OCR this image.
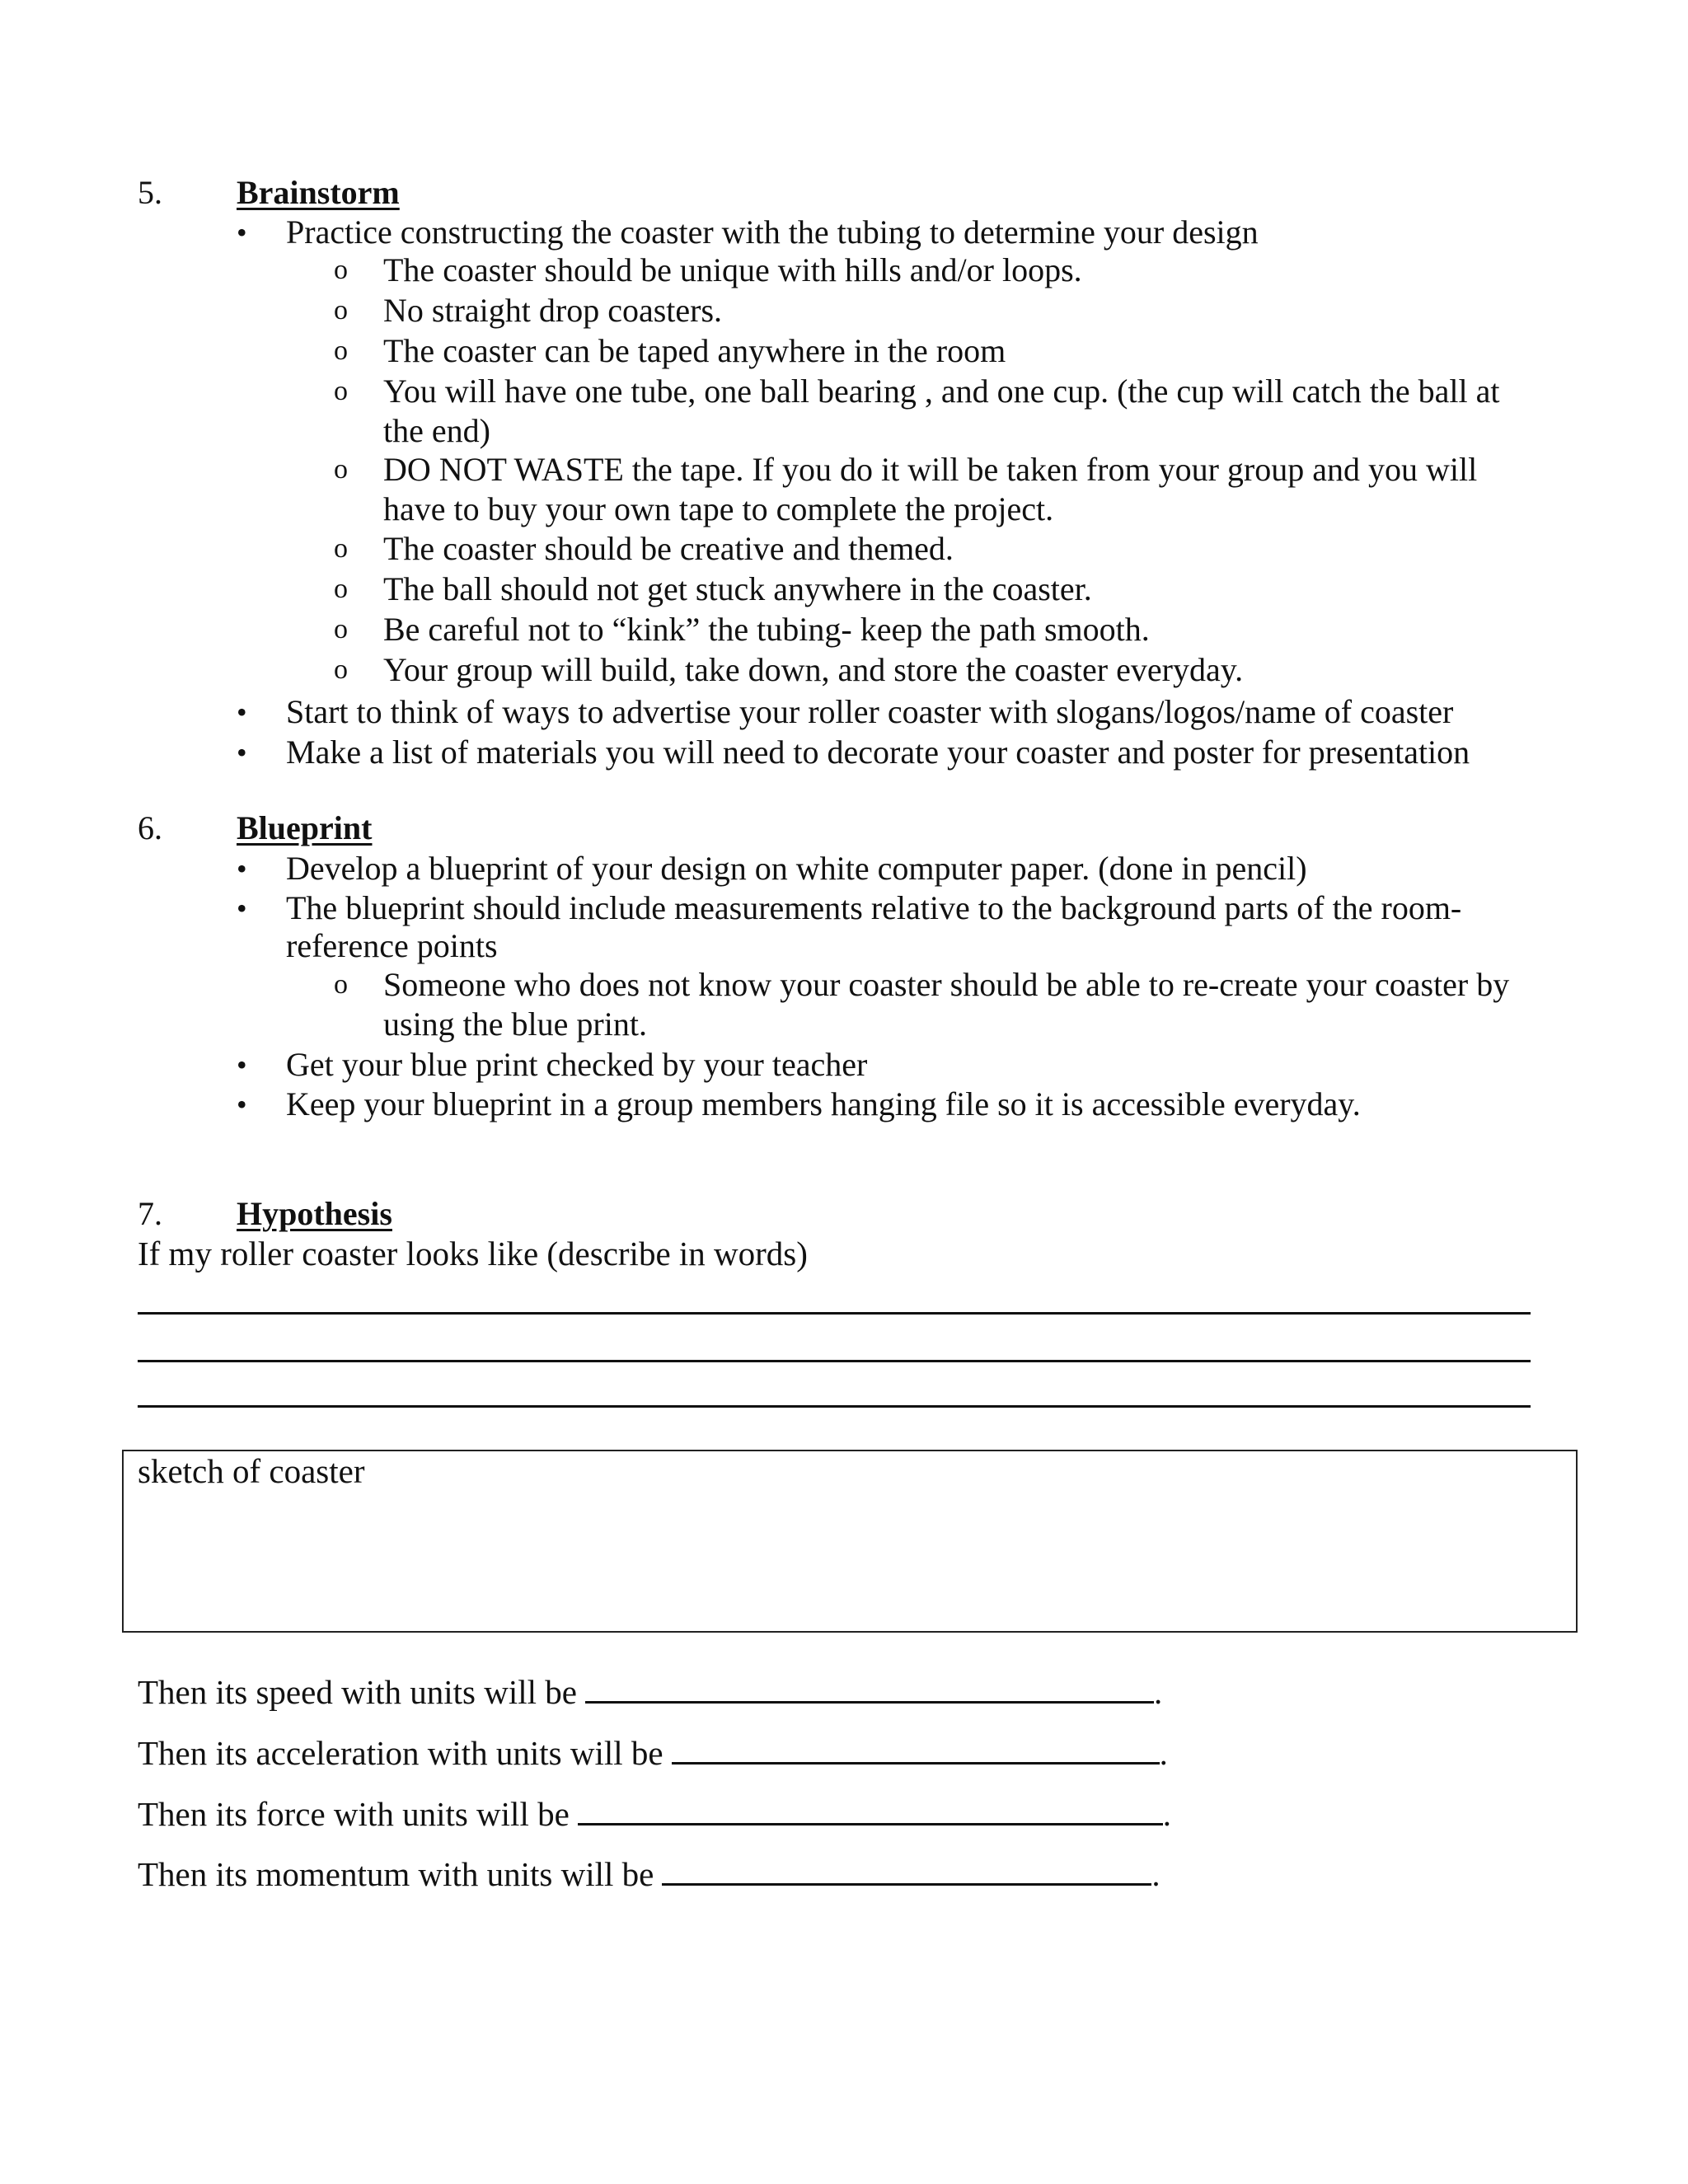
5. Brainstorm
• Practice constructing the coaster with the tubing to determine your design
o The coaster should be unique with hills and/or loops.
o No straight drop coasters.
o The coaster can be taped anywhere in the room
o You will have one tube, one ball bearing , and one cup. (the cup will catch the ball at
the end)
o DO NOT WASTE the tape. If you do it will be taken from your group and you will
have to buy your own tape to complete the project.
o The coaster should be creative and themed.
o The ball should not get stuck anywhere in the coaster.
o Be careful not to “kink” the tubing- keep the path smooth.
o Your group will build, take down, and store the coaster everyday.
• Start to think of ways to advertise your roller coaster with slogans/logos/name of coaster
• Make a list of materials you will need to decorate your coaster and poster for presentation
6. Blueprint
• Develop a blueprint of your design on white computer paper. (done in pencil)
• The blueprint should include measurements relative to the background parts of the room-
reference points
o Someone who does not know your coaster should be able to re-create your coaster by
using the blue print.
• Get your blue print checked by your teacher
• Keep your blueprint in a group members hanging file so it is accessible everyday.
7. Hypothesis
If my roller coaster looks like (describe in words)
sketch of coaster
Then its speed with units will be	.
Then its acceleration with units will be	.
Then its force with units will be	.
Then its momentum with units will be	.
